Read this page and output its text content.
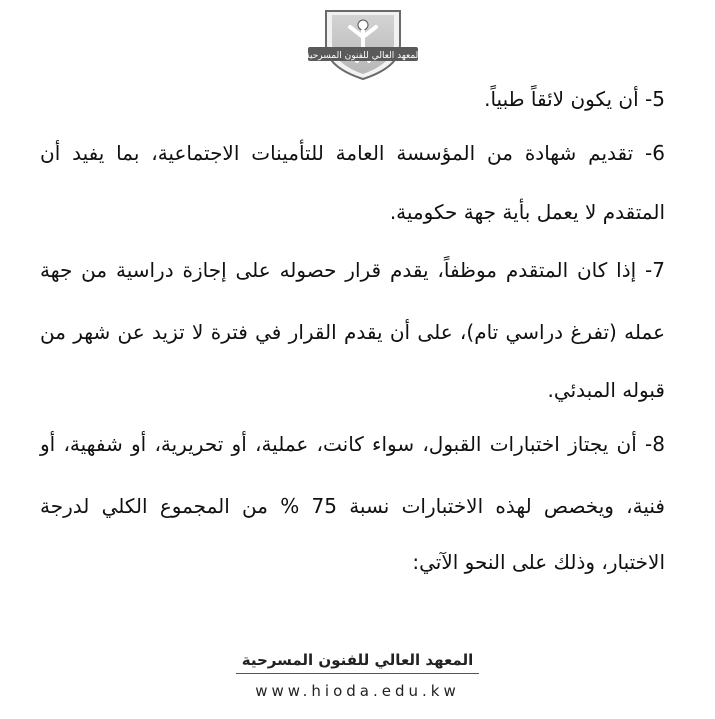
المعهد العالي للفنون المسرحية
5- أن يكون لائقاً طبياً.
6- تقديم شهادة من المؤسسة العامة للتأمينات الاجتماعية، بما يفيد أن
المتقدم لا يعمل بأية جهة حكومية.
7- إذا كان المتقدم موظفاً، يقدم قرار حصوله على إجازة دراسية من جهة
عمله (تفرغ دراسي تام)، على أن يقدم القرار في فترة لا تزيد عن شهر من
قبوله المبدئي.
8- أن يجتاز اختبارات القبول، سواء كانت، عملية، أو تحريرية، أو شفهية، أو
فنية، ويخصص لهذه الاختبارات نسبة 75 % من المجموع الكلي لدرجة
الاختبار، وذلك على النحو الآتي:
المعهد العالي للفنون المسرحية
www.hioda.edu.kw
